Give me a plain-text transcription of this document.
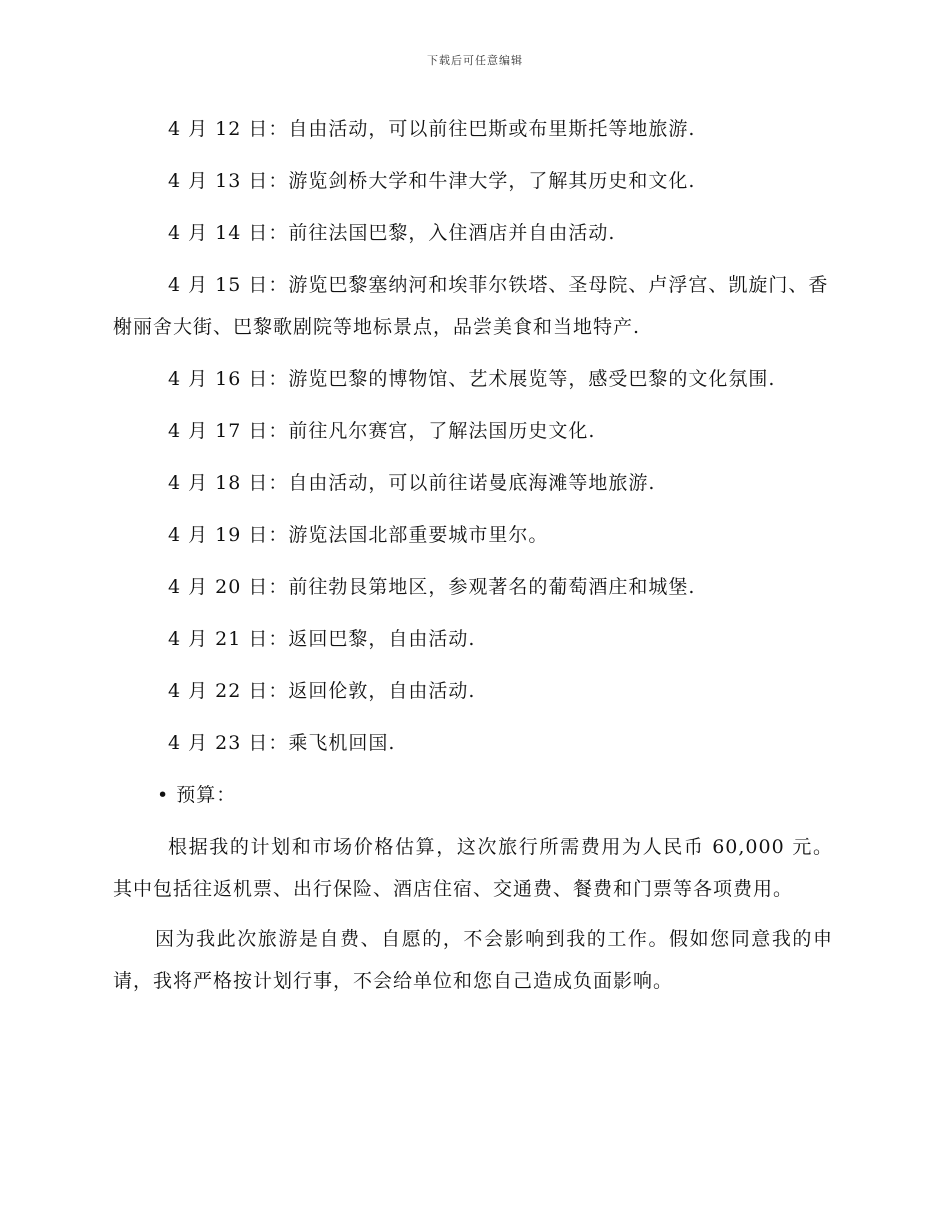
下载后可任意编辑

4 月 12 日：自由活动，可以前往巴斯或布里斯托等地旅游.

4 月 13 日：游览剑桥大学和牛津大学，了解其历史和文化.

4 月 14 日：前往法国巴黎，入住酒店并自由活动.

4 月 15 日：游览巴黎塞纳河和埃菲尔铁塔、圣母院、卢浮宫、凯旋门、香榭丽舍大街、巴黎歌剧院等地标景点，品尝美食和当地特产.

4 月 16 日：游览巴黎的博物馆、艺术展览等，感受巴黎的文化氛围.

4 月 17 日：前往凡尔赛宫，了解法国历史文化.

4 月 18 日：自由活动，可以前往诺曼底海滩等地旅游.

4 月 19 日：游览法国北部重要城市里尔。

4 月 20 日：前往勃艮第地区，参观著名的葡萄酒庄和城堡.

4 月 21 日：返回巴黎，自由活动.

4 月 22 日：返回伦敦，自由活动.

4 月 23 日：乘飞机回国.

• 预算：

根据我的计划和市场价格估算，这次旅行所需费用为人民币 60,000 元。其中包括往返机票、出行保险、酒店住宿、交通费、餐费和门票等各项费用。

因为我此次旅游是自费、自愿的，不会影响到我的工作。假如您同意我的申请，我将严格按计划行事，不会给单位和您自己造成负面影响。
